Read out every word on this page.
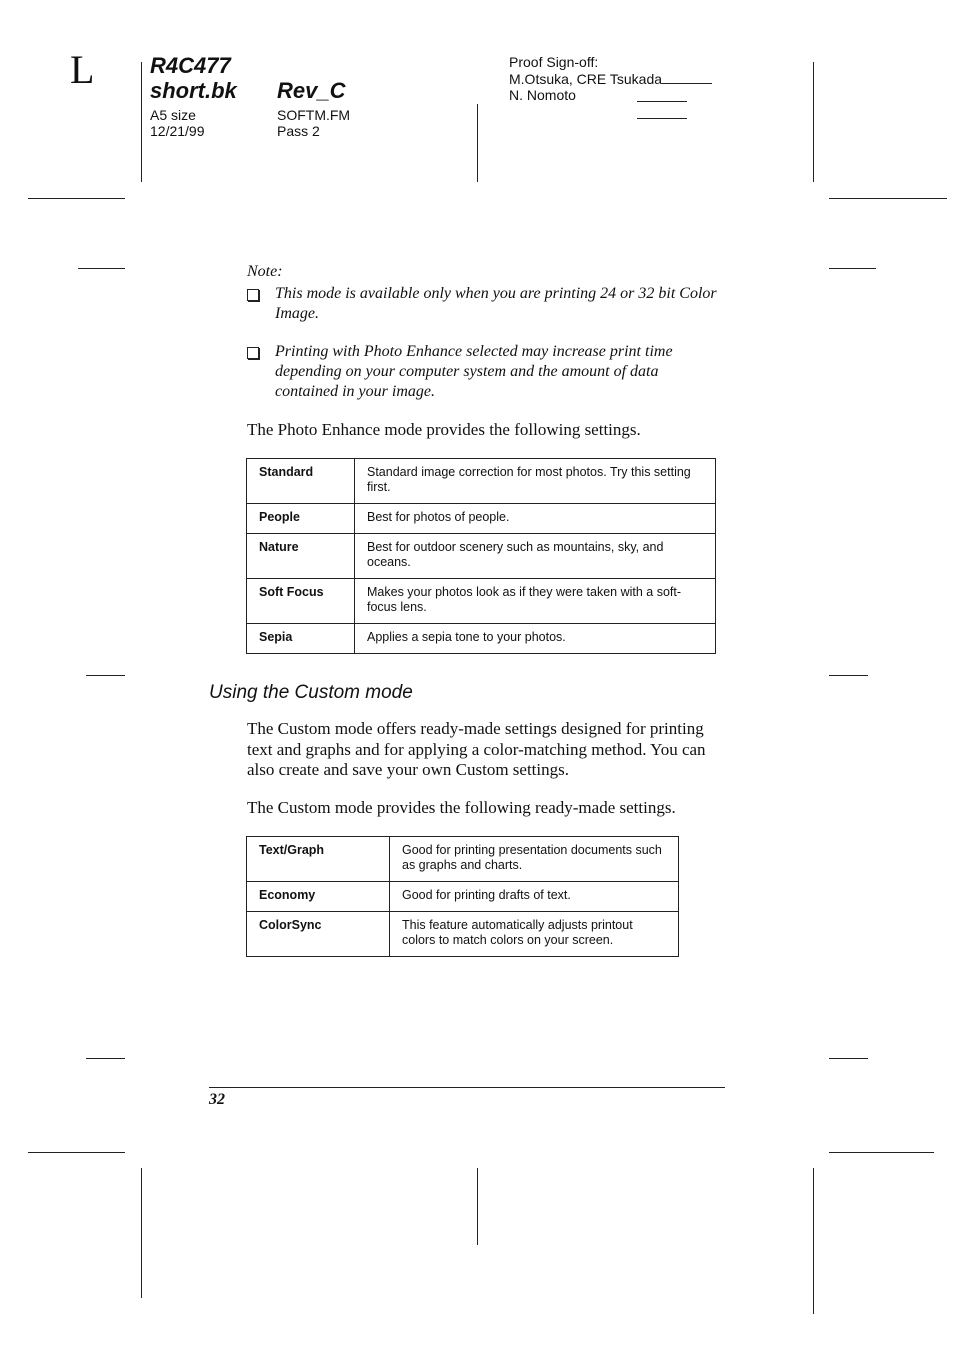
L	R4C477
short.bk Rev_C
A5 size
12/21/99
SOFTM.FM
Pass 2
Proof Sign-off:
M.Otsuka, CRE Tsukada
N. Nomoto
Note:
This mode is available only when you are printing 24 or 32 bit Color Image.
Printing with Photo Enhance selected may increase print time depending on your computer system and the amount of data contained in your image.
The Photo Enhance mode provides the following settings.
Standard	Standard image correction for most photos. Try this setting first.
People	Best for photos of people.
Nature	Best for outdoor scenery such as mountains, sky, and oceans.
Soft Focus	Makes your photos look as if they were taken with a soft-focus lens.
Sepia	Applies a sepia tone to your photos.
Using the Custom mode
The Custom mode offers ready-made settings designed for printing text and graphs and for applying a color-matching method. You can also create and save your own Custom settings.
The Custom mode provides the following ready-made settings.
Text/Graph	Good for printing presentation documents such as graphs and charts.
Economy	Good for printing drafts of text.
ColorSync	This feature automatically adjusts printout colors to match colors on your screen.
32
